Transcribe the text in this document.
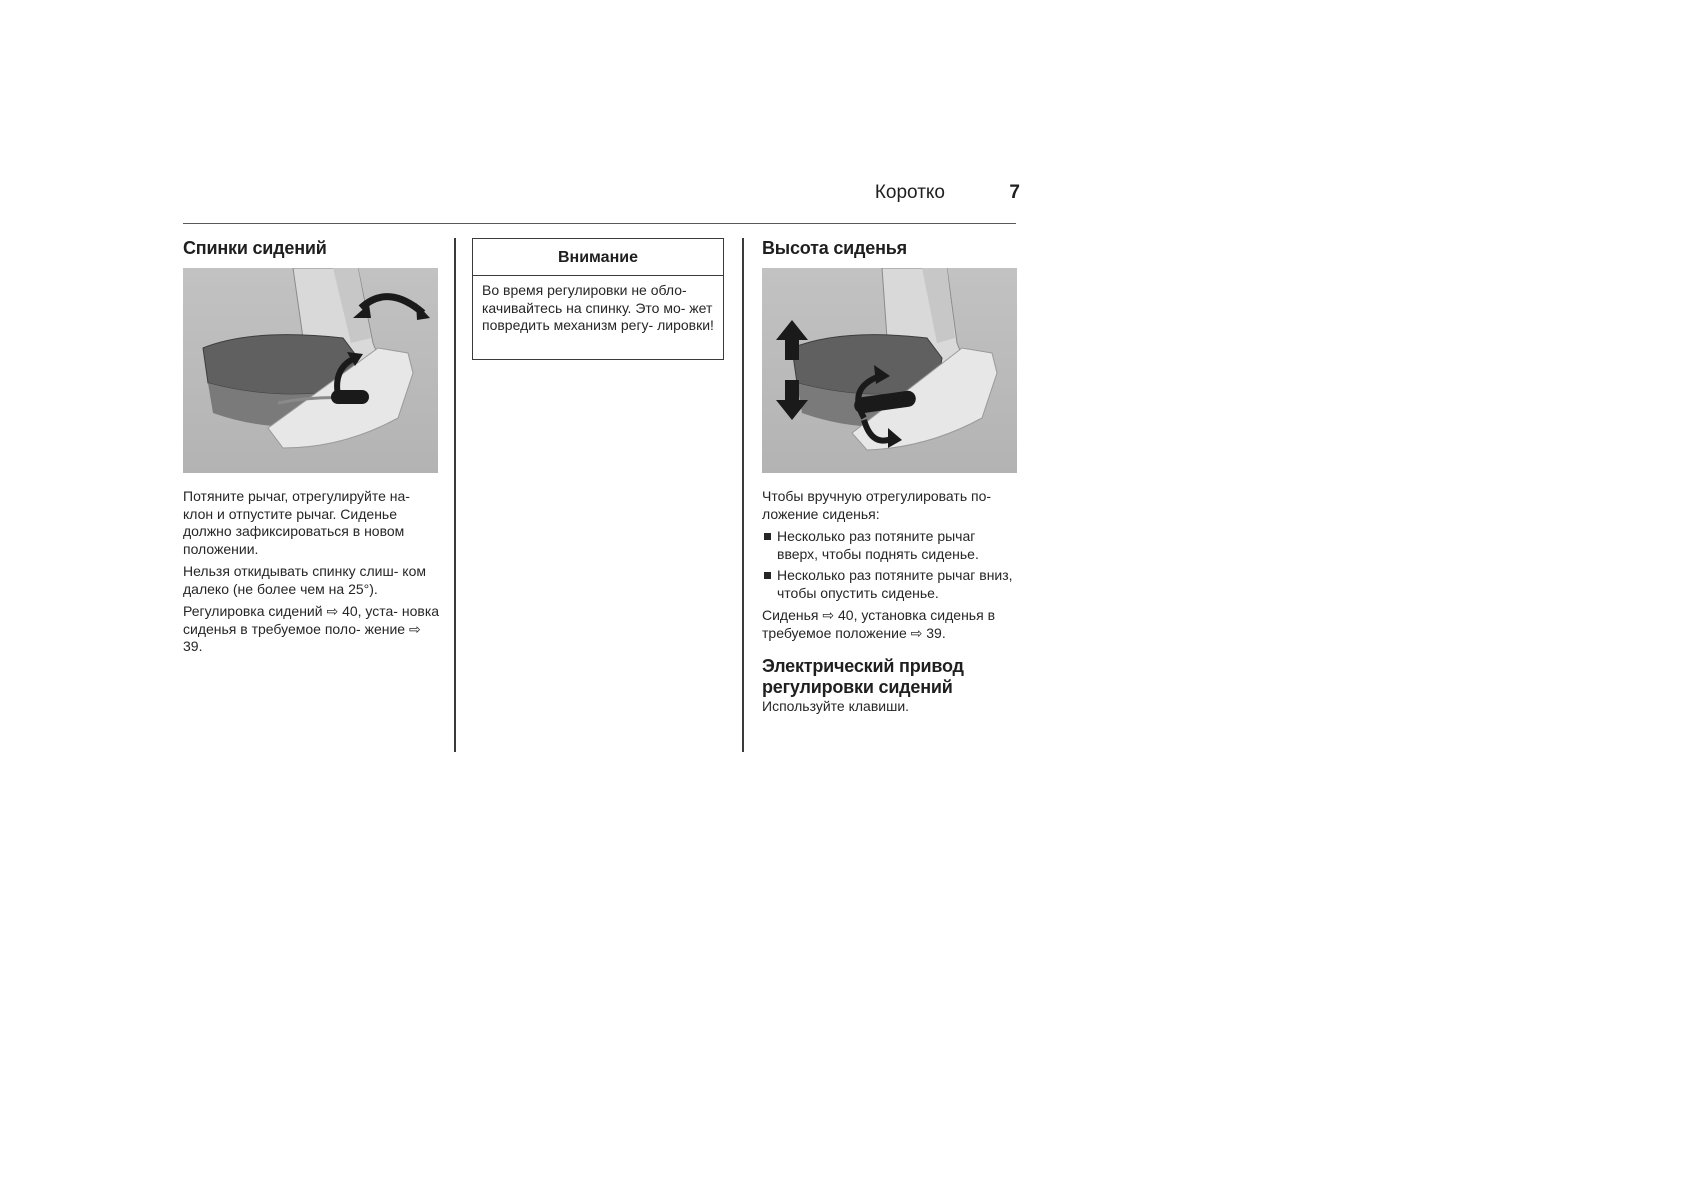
Коротко	7
Спинки сидений

Потяните рычаг, отрегулируйте на- клон и отпустите рычаг. Сиденье должно зафиксироваться в новом положении.

Нельзя откидывать спинку слиш- ком далеко (не более чем на 25°).

Регулировка сидений ⇨ 40, уста- новка сиденья в требуемое поло- жение ⇨ 39.

Внимание
Во время регулировки не обло- качивайтесь на спинку. Это мо- жет повредить механизм регу- лировки!
Высота сиденья

Чтобы вручную отрегулировать по- ложение сиденья:

Несколько раз потяните рычаг вверх, чтобы поднять сиденье.
Несколько раз потяните рычаг вниз, чтобы опустить сиденье.

Сиденья ⇨ 40, установка сиденья в требуемое положение ⇨ 39.

Электрический привод регулировки сидений

Используйте клавиши.
